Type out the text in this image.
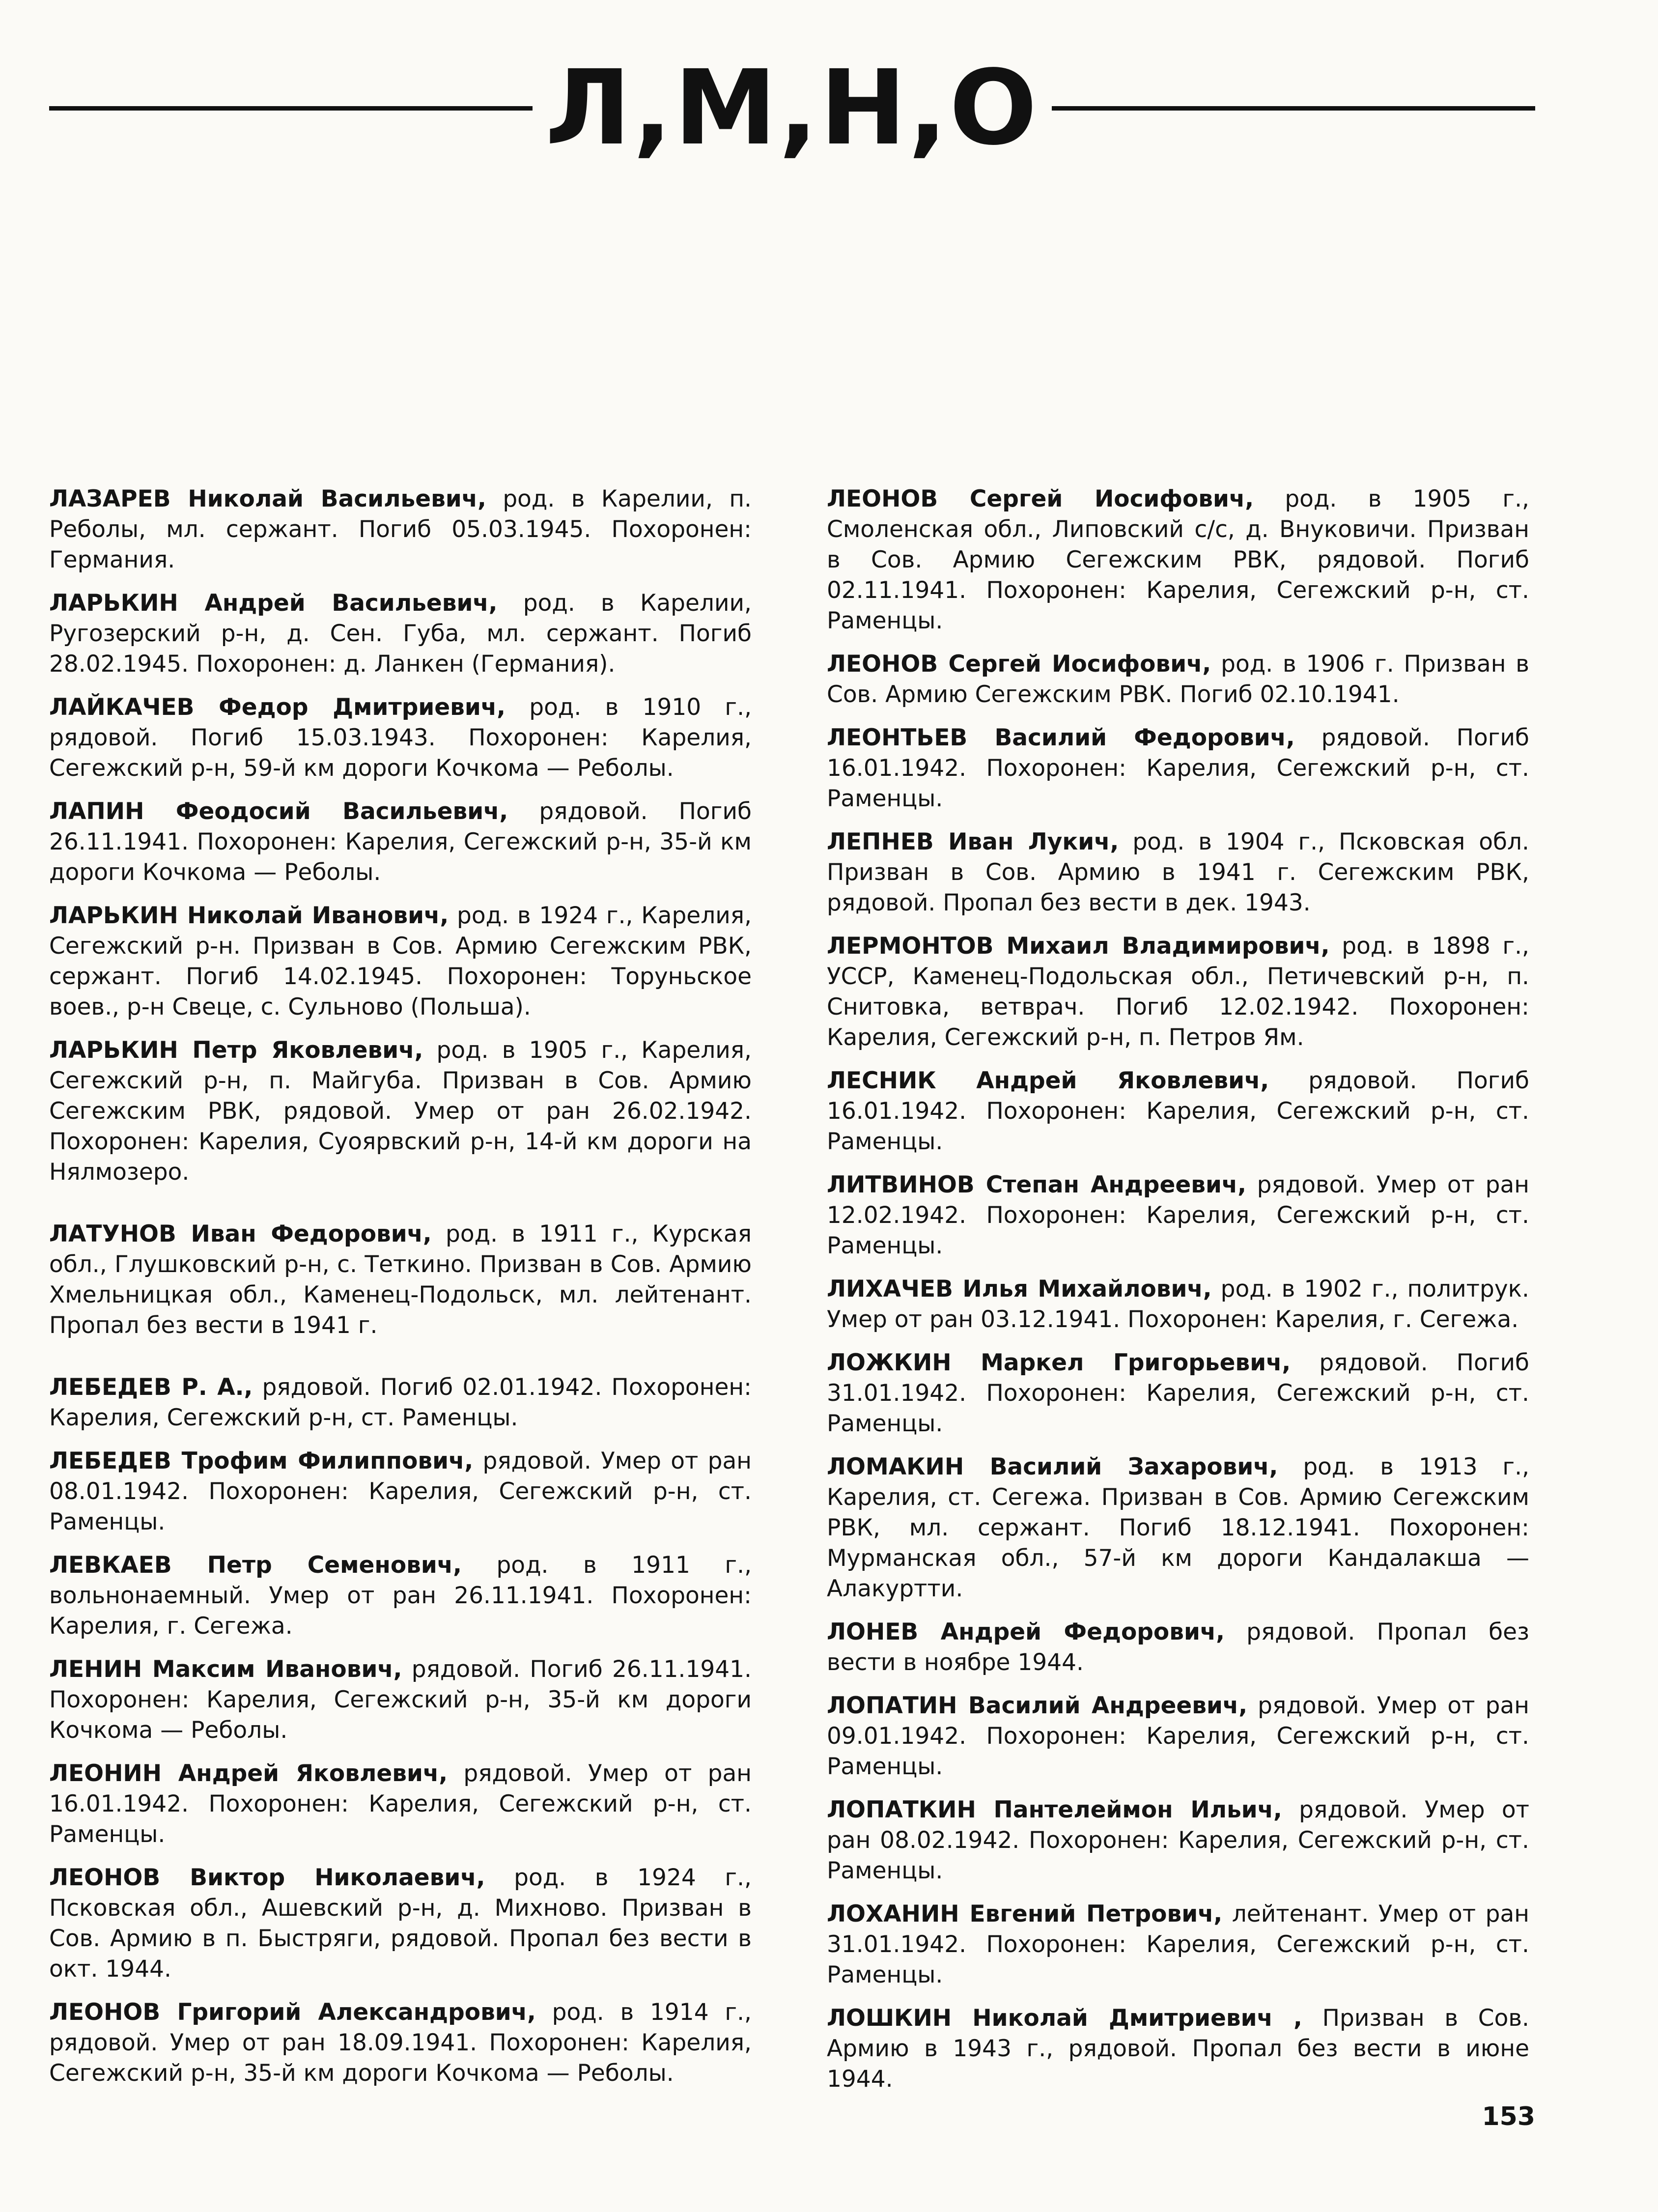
Л,М,Н,О

ЛАЗАРЕВ Николай Васильевич, род. в Карелии, п. Реболы, мл. сержант. Погиб 05.03.1945. Похоронен: Германия.

ЛАРЬКИН Андрей Васильевич, род. в Карелии, Ругозерский р-н, д. Сен. Губа, мл. сержант. Погиб 28.02.1945. Похоронен: д. Ланкен (Германия).

ЛАЙКАЧЕВ Федор Дмитриевич, род. в 1910 г., рядовой. Погиб 15.03.1943. Похоронен: Карелия, Сегежский р-н, 59-й км дороги Кочкома — Реболы.

ЛАПИН Феодосий Васильевич, рядовой. Погиб 26.11.1941. Похоронен: Карелия, Сегежский р-н, 35-й км дороги Кочкома — Реболы.

ЛАРЬКИН Николай Иванович, род. в 1924 г., Карелия, Сегежский р-н. Призван в Сов. Армию Сегежским РВК, сержант. Погиб 14.02.1945. Похоронен: Торуньское воев., р-н Свеце, с. Сульново (Польша).

ЛАРЬКИН Петр Яковлевич, род. в 1905 г., Карелия, Сегежский р-н, п. Майгуба. Призван в Сов. Армию Сегежским РВК, рядовой. Умер от ран 26.02.1942. Похоронен: Карелия, Суоярвский р-н, 14-й км дороги на Нялмозеро.

ЛАТУНОВ Иван Федорович, род. в 1911 г., Курская обл., Глушковский р-н, с. Теткино. Призван в Сов. Армию Хмельницкая обл., Каменец-Подольск, мл. лейтенант. Пропал без вести в 1941 г.

ЛЕБЕДЕВ Р. А., рядовой. Погиб 02.01.1942. Похоронен: Карелия, Сегежский р-н, ст. Раменцы.

ЛЕБЕДЕВ Трофим Филиппович, рядовой. Умер от ран 08.01.1942. Похоронен: Карелия, Сегежский р-н, ст. Раменцы.

ЛЕВКАЕВ Петр Семенович, род. в 1911 г., вольнонаемный. Умер от ран 26.11.1941. Похоронен: Карелия, г. Сегежа.

ЛЕНИН Максим Иванович, рядовой. Погиб 26.11.1941. Похоронен: Карелия, Сегежский р-н, 35-й км дороги Кочкома — Реболы.

ЛЕОНИН Андрей Яковлевич, рядовой. Умер от ран 16.01.1942. Похоронен: Карелия, Сегежский р-н, ст. Раменцы.

ЛЕОНОВ Виктор Николаевич, род. в 1924 г., Псковская обл., Ашевский р-н, д. Михново. Призван в Сов. Армию в п. Быстряги, рядовой. Пропал без вести в окт. 1944.

ЛЕОНОВ Григорий Александрович, род. в 1914 г., рядовой. Умер от ран 18.09.1941. Похоронен: Карелия, Сегежский р-н, 35-й км дороги Кочкома — Реболы.

ЛЕОНОВ Сергей Иосифович, род. в 1905 г., Смоленская обл., Липовский с/с, д. Внуковичи. Призван в Сов. Армию Сегежским РВК, рядовой. Погиб 02.11.1941. Похоронен: Карелия, Сегежский р-н, ст. Раменцы.

ЛЕОНОВ Сергей Иосифович, род. в 1906 г. Призван в Сов. Армию Сегежским РВК. Погиб 02.10.1941.

ЛЕОНТЬЕВ Василий Федорович, рядовой. Погиб 16.01.1942. Похоронен: Карелия, Сегежский р-н, ст. Раменцы.

ЛЕПНЕВ Иван Лукич, род. в 1904 г., Псковская обл. Призван в Сов. Армию в 1941 г. Сегежским РВК, рядовой. Пропал без вести в дек. 1943.

ЛЕРМОНТОВ Михаил Владимирович, род. в 1898 г., УССР, Каменец-Подольская обл., Петичевский р-н, п. Снитовка, ветврач. Погиб 12.02.1942. Похоронен: Карелия, Сегежский р-н, п. Петров Ям.

ЛЕСНИК Андрей Яковлевич, рядовой. Погиб 16.01.1942. Похоронен: Карелия, Сегежский р-н, ст. Раменцы.

ЛИТВИНОВ Степан Андреевич, рядовой. Умер от ран 12.02.1942. Похоронен: Карелия, Сегежский р-н, ст. Раменцы.

ЛИХАЧЕВ Илья Михайлович, род. в 1902 г., политрук. Умер от ран 03.12.1941. Похоронен: Карелия, г. Сегежа.

ЛОЖКИН Маркел Григорьевич, рядовой. Погиб 31.01.1942. Похоронен: Карелия, Сегежский р-н, ст. Раменцы.

ЛОМАКИН Василий Захарович, род. в 1913 г., Карелия, ст. Сегежа. Призван в Сов. Армию Сегежским РВК, мл. сержант. Погиб 18.12.1941. Похоронен: Мурманская обл., 57-й км дороги Кандалакша — Алакуртти.

ЛОНЕВ Андрей Федорович, рядовой. Пропал без вести в ноябре 1944.

ЛОПАТИН Василий Андреевич, рядовой. Умер от ран 09.01.1942. Похоронен: Карелия, Сегежский р-н, ст. Раменцы.

ЛОПАТКИН Пантелеймон Ильич, рядовой. Умер от ран 08.02.1942. Похоронен: Карелия, Сегежский р-н, ст. Раменцы.

ЛОХАНИН Евгений Петрович, лейтенант. Умер от ран 31.01.1942. Похоронен: Карелия, Сегежский р-н, ст. Раменцы.

ЛОШКИН Николай Дмитриевич , Призван в Сов. Армию в 1943 г., рядовой. Пропал без вести в июне 1944.

153
